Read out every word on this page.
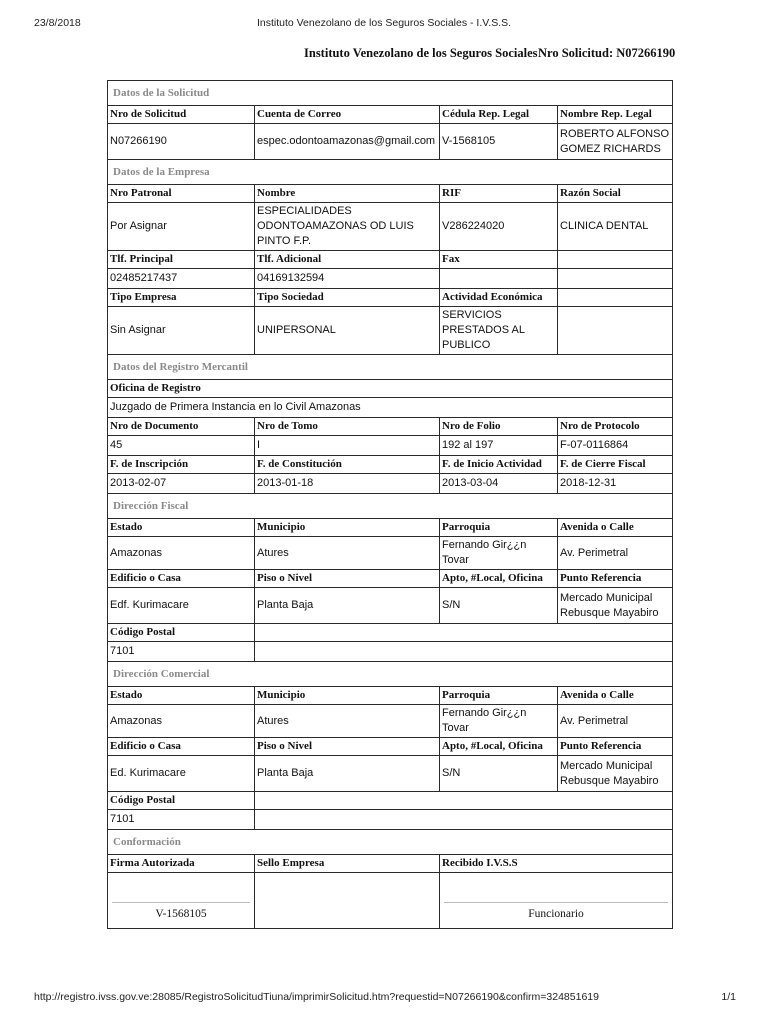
23/8/2018	Instituto Venezolano de los Seguros Sociales - I.V.S.S.
Instituto Venezolano de los Seguros Sociales Nro Solicitud: N07266190
Datos de la Solicitud			
Nro de Solicitud	Cuenta de Correo	Cédula Rep. Legal	Nombre Rep. Legal
N07266190	espec.odontoamazonas@gmail.com	V-1568105	ROBERTO ALFONSO GOMEZ RICHARDS
Datos de la Empresa			
Nro Patronal	Nombre	RIF	Razón Social
Por Asignar	ESPECIALIDADES ODONTOAMAZONAS OD LUIS PINTO F.P.	V286224020	CLINICA DENTAL
Tlf. Principal	Tlf. Adicional	Fax	
02485217437	04169132594		
Tipo Empresa	Tipo Sociedad	Actividad Económica	
Sin Asignar	UNIPERSONAL	SERVICIOS PRESTADOS AL PUBLICO	
Datos del Registro Mercantil			
Oficina de Registro			
Juzgado de Primera Instancia en lo Civil Amazonas			
Nro de Documento	Nro de Tomo	Nro de Folio	Nro de Protocolo
45	I	192 al 197	F-07-0116864
F. de Inscripción	F. de Constitución	F. de Inicio Actividad	F. de Cierre Fiscal
2013-02-07	2013-01-18	2013-03-04	2018-12-31
Dirección Fiscal			
Estado	Municipio	Parroquia	Avenida o Calle
Amazonas	Atures	Fernando Gir¿¿n Tovar	Av. Perimetral
Edificio o Casa	Piso o Nivel	Apto, #Local, Oficina	Punto Referencia
Edf. Kurimacare	Planta Baja	S/N	Mercado Municipal Rebusque Mayabiro
Código Postal			
7101			
Dirección Comercial			
Estado	Municipio	Parroquia	Avenida o Calle
Amazonas	Atures	Fernando Gir¿¿n Tovar	Av. Perimetral
Edificio o Casa	Piso o Nivel	Apto, #Local, Oficina	Punto Referencia
Ed. Kurimacare	Planta Baja	S/N	Mercado Municipal Rebusque Mayabiro
Código Postal			
7101			
Conformación			
Firma Autorizada	Sello Empresa	Recibido I.V.S.S	

V-1568105		Funcionario	
http://registro.ivss.gov.ve:28085/RegistroSolicitudTiuna/imprimirSolicitud.htm?requestid=N07266190&confirm=324851619	1/1
